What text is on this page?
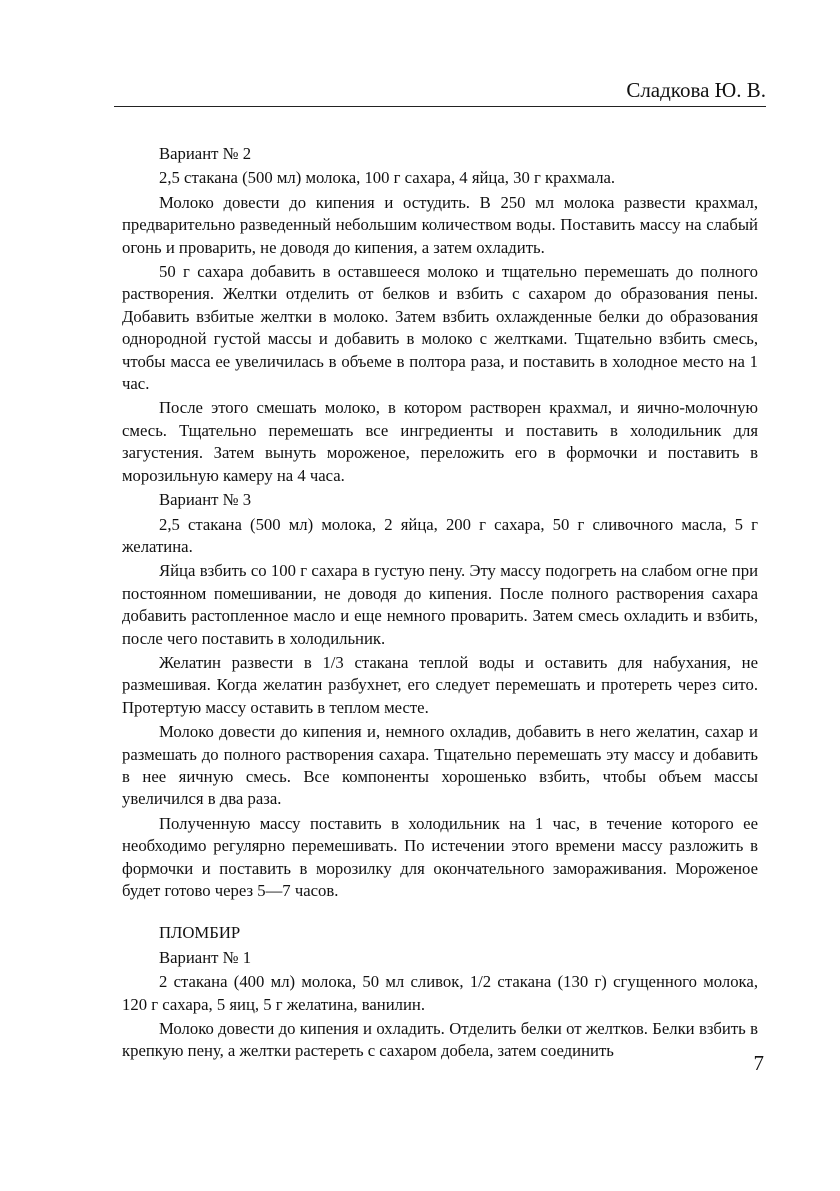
Сладкова Ю. В.

Вариант № 2

2,5 стакана (500 мл) молока, 100 г сахара, 4 яйца, 30 г крахмала.

Молоко довести до кипения и остудить. В 250 мл молока развести крахмал, предварительно разведенный небольшим количеством воды. Поставить массу на слабый огонь и проварить, не доводя до кипения, а затем охладить.

50 г сахара добавить в оставшееся молоко и тщательно перемешать до полного растворения. Желтки отделить от белков и взбить с сахаром до образования пены. Добавить взбитые желтки в молоко. Затем взбить охлажденные белки до образования однородной густой массы и добавить в молоко с желтками. Тщательно взбить смесь, чтобы масса ее увеличилась в объеме в полтора раза, и поставить в холодное место на 1 час.

После этого смешать молоко, в котором растворен крахмал, и яично-молочную смесь. Тщательно перемешать все ингредиенты и поставить в холодильник для загустения. Затем вынуть мороженое, переложить его в формочки и поставить в морозильную камеру на 4 часа.

Вариант № 3

2,5 стакана (500 мл) молока, 2 яйца, 200 г сахара, 50 г сливочного масла, 5 г желатина.

Яйца взбить со 100 г сахара в густую пену. Эту массу подогреть на слабом огне при постоянном помешивании, не доводя до кипения. После полного растворения сахара добавить растопленное масло и еще немного проварить. Затем смесь охладить и взбить, после чего поставить в холодильник.

Желатин развести в 1/3 стакана теплой воды и оставить для набухания, не размешивая. Когда желатин разбухнет, его следует перемешать и протереть через сито. Протертую массу оставить в теплом месте.

Молоко довести до кипения и, немного охладив, добавить в него желатин, сахар и размешать до полного растворения сахара. Тщательно перемешать эту массу и добавить в нее яичную смесь. Все компоненты хорошенько взбить, чтобы объем массы увеличился в два раза.

Полученную массу поставить в холодильник на 1 час, в течение которого ее необходимо регулярно перемешивать. По истечении этого времени массу разложить в формочки и поставить в морозилку для окончательного замораживания. Мороженое будет готово через 5—7 часов.

ПЛОМБИР

Вариант № 1

2 стакана (400 мл) молока, 50 мл сливок, 1/2 стакана (130 г) сгущенного молока, 120 г сахара, 5 яиц, 5 г желатина, ванилин.

Молоко довести до кипения и охладить. Отделить белки от желтков. Белки взбить в крепкую пену, а желтки растереть с сахаром добела, затем соединить

7
